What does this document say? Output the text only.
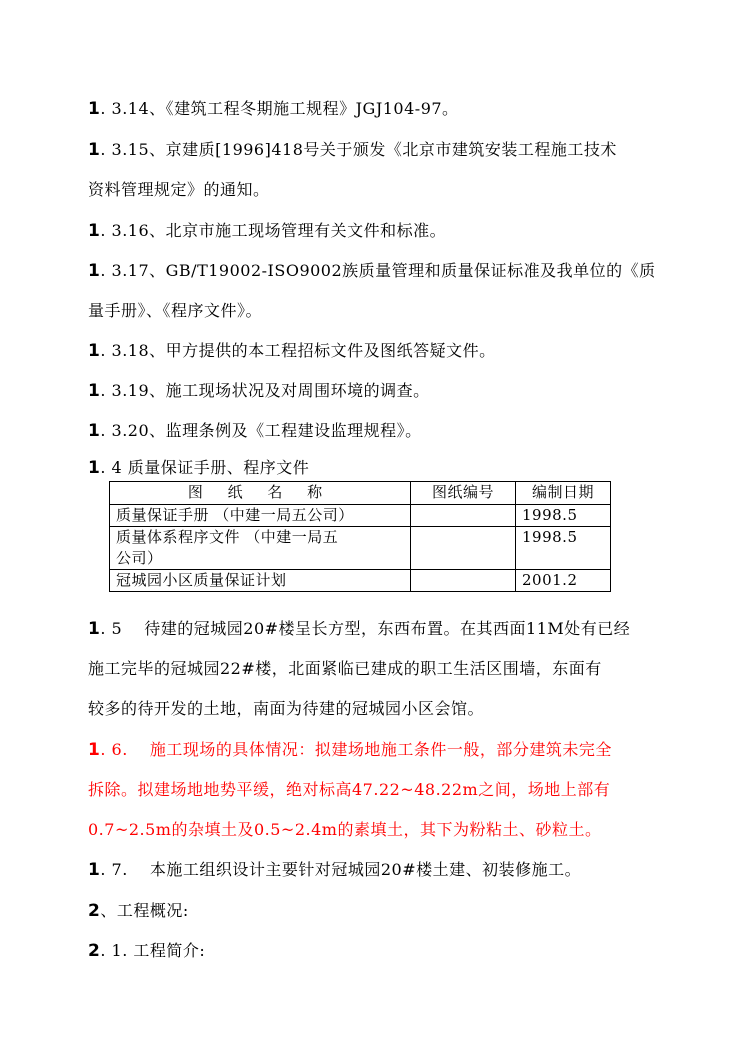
1. 3.14、《建筑工程冬期施工规程》JGJ104-97。
1. 3.15、京建质[1996]418号关于颁发《北京市建筑安装工程施工技术
资料管理规定》的通知。
1. 3.16、北京市施工现场管理有关文件和标准。
1. 3.17、GB/T19002-ISO9002族质量管理和质量保证标准及我单位的《质
量手册》、《程序文件》。
1. 3.18、甲方提供的本工程招标文件及图纸答疑文件。
1. 3.19、施工现场状况及对周围环境的调查。
1. 3.20、监理条例及《工程建设监理规程》。
1. 4 质量保证手册、程序文件
图 纸 名 称	图纸编号	编制日期
质量保证手册 （中建一局五公司）		1998.5

质量体系程序文件 （中建一局五
公司）		1998.5
冠城园小区质量保证计划		2001.2
1. 5　 待建的冠城园20#楼呈长方型，东西布置。在其西面11M处有已经
施工完毕的冠城园22#楼，北面紧临已建成的职工生活区围墙，东面有
较多的待开发的土地，南面为待建的冠城园小区会馆。
1. 6.　 施工现场的具体情况：拟建场地施工条件一般，部分建筑未完全
拆除。拟建场地地势平缓，绝对标高47.22~48.22m之间，场地上部有
0.7~2.5m的杂填土及0.5~2.4m的素填土，其下为粉粘土、砂粒土。
1. 7.　 本施工组织设计主要针对冠城园20#楼土建、初装修施工。
2、工程概况:
2. 1. 工程简介:
